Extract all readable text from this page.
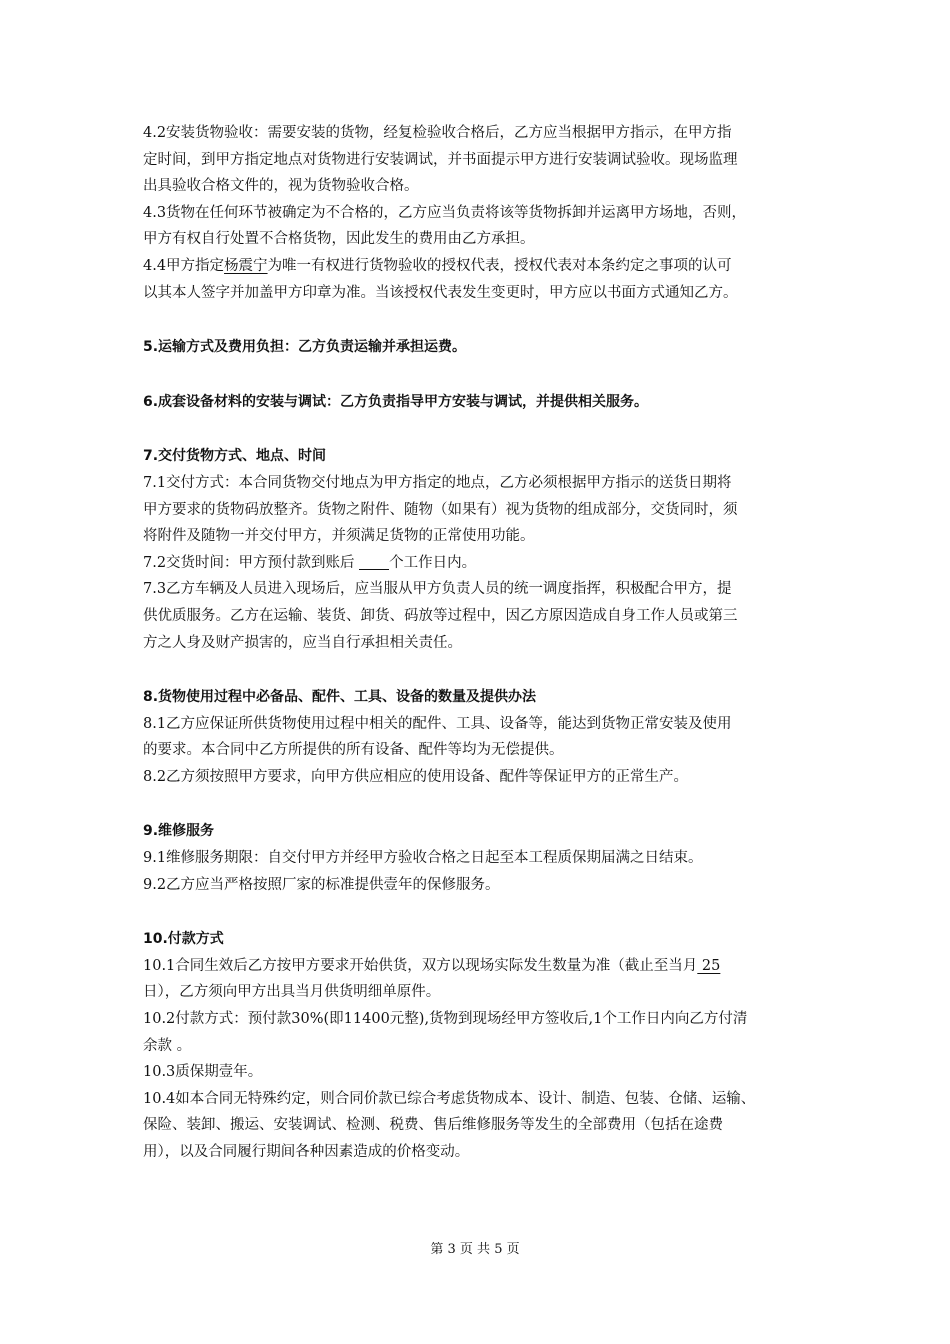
4.2安装货物验收：需要安装的货物，经复检验收合格后，乙方应当根据甲方指示，在甲方指
定时间，到甲方指定地点对货物进行安装调试，并书面提示甲方进行安装调试验收。现场监理
出具验收合格文件的，视为货物验收合格。
4.3货物在任何环节被确定为不合格的，乙方应当负责将该等货物拆卸并运离甲方场地，否则，
甲方有权自行处置不合格货物，因此发生的费用由乙方承担。
4.4甲方指定杨震宁为唯一有权进行货物验收的授权代表，授权代表对本条约定之事项的认可
以其本人签字并加盖甲方印章为准。当该授权代表发生变更时，甲方应以书面方式通知乙方。
5.运输方式及费用负担：乙方负责运输并承担运费。
6.成套设备材料的安装与调试：乙方负责指导甲方安装与调试，并提供相关服务。
7.交付货物方式、地点、时间
7.1交付方式：本合同货物交付地点为甲方指定的地点，乙方必须根据甲方指示的送货日期将
甲方要求的货物码放整齐。货物之附件、随物（如果有）视为货物的组成部分，交货同时，须
将附件及随物一并交付甲方，并须满足货物的正常使用功能。
7.2交货时间：甲方预付款到账后 个工作日内。
7.3乙方车辆及人员进入现场后，应当服从甲方负责人员的统一调度指挥，积极配合甲方，提
供优质服务。乙方在运输、装货、卸货、码放等过程中，因乙方原因造成自身工作人员或第三
方之人身及财产损害的，应当自行承担相关责任。
8.货物使用过程中必备品、配件、工具、设备的数量及提供办法
8.1乙方应保证所供货物使用过程中相关的配件、工具、设备等，能达到货物正常安装及使用
的要求。本合同中乙方所提供的所有设备、配件等均为无偿提供。
8.2乙方须按照甲方要求，向甲方供应相应的使用设备、配件等保证甲方的正常生产。
9.维修服务
9.1维修服务期限：自交付甲方并经甲方验收合格之日起至本工程质保期届满之日结束。
9.2乙方应当严格按照厂家的标准提供壹年的保修服务。
10.付款方式
10.1合同生效后乙方按甲方要求开始供货，双方以现场实际发生数量为准（截止至当月 25
日），乙方须向甲方出具当月供货明细单原件。
10.2付款方式：预付款30%(即11400元整),货物到现场经甲方签收后,1个工作日内向乙方付清
余款 。
10.3质保期壹年。
10.4如本合同无特殊约定，则合同价款已综合考虑货物成本、设计、制造、包装、仓储、运输、
保险、装卸、搬运、安装调试、检测、税费、售后维修服务等发生的全部费用（包括在途费
用），以及合同履行期间各种因素造成的价格变动。
第 3 页 共 5 页
